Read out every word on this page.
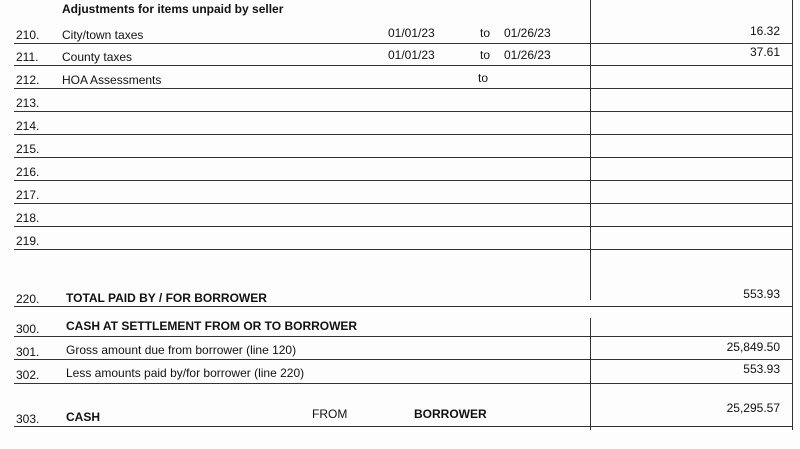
Adjustments for items unpaid by seller
210. City/town taxes	01/01/23	to 01/26/23	16.32
211. County taxes	01/01/23	to 01/26/23	37.61
212. HOA Assessments	to
213.
214.
215.
216.
217.
218.
219.
220. TOTAL PAID BY / FOR BORROWER	553.93
300. CASH AT SETTLEMENT FROM OR TO BORROWER
301. Gross amount due from borrower (line 120)	25,849.50
302. Less amounts paid by/for borrower (line 220)	553.93
303. CASH	FROM	BORROWER	25,295.57
